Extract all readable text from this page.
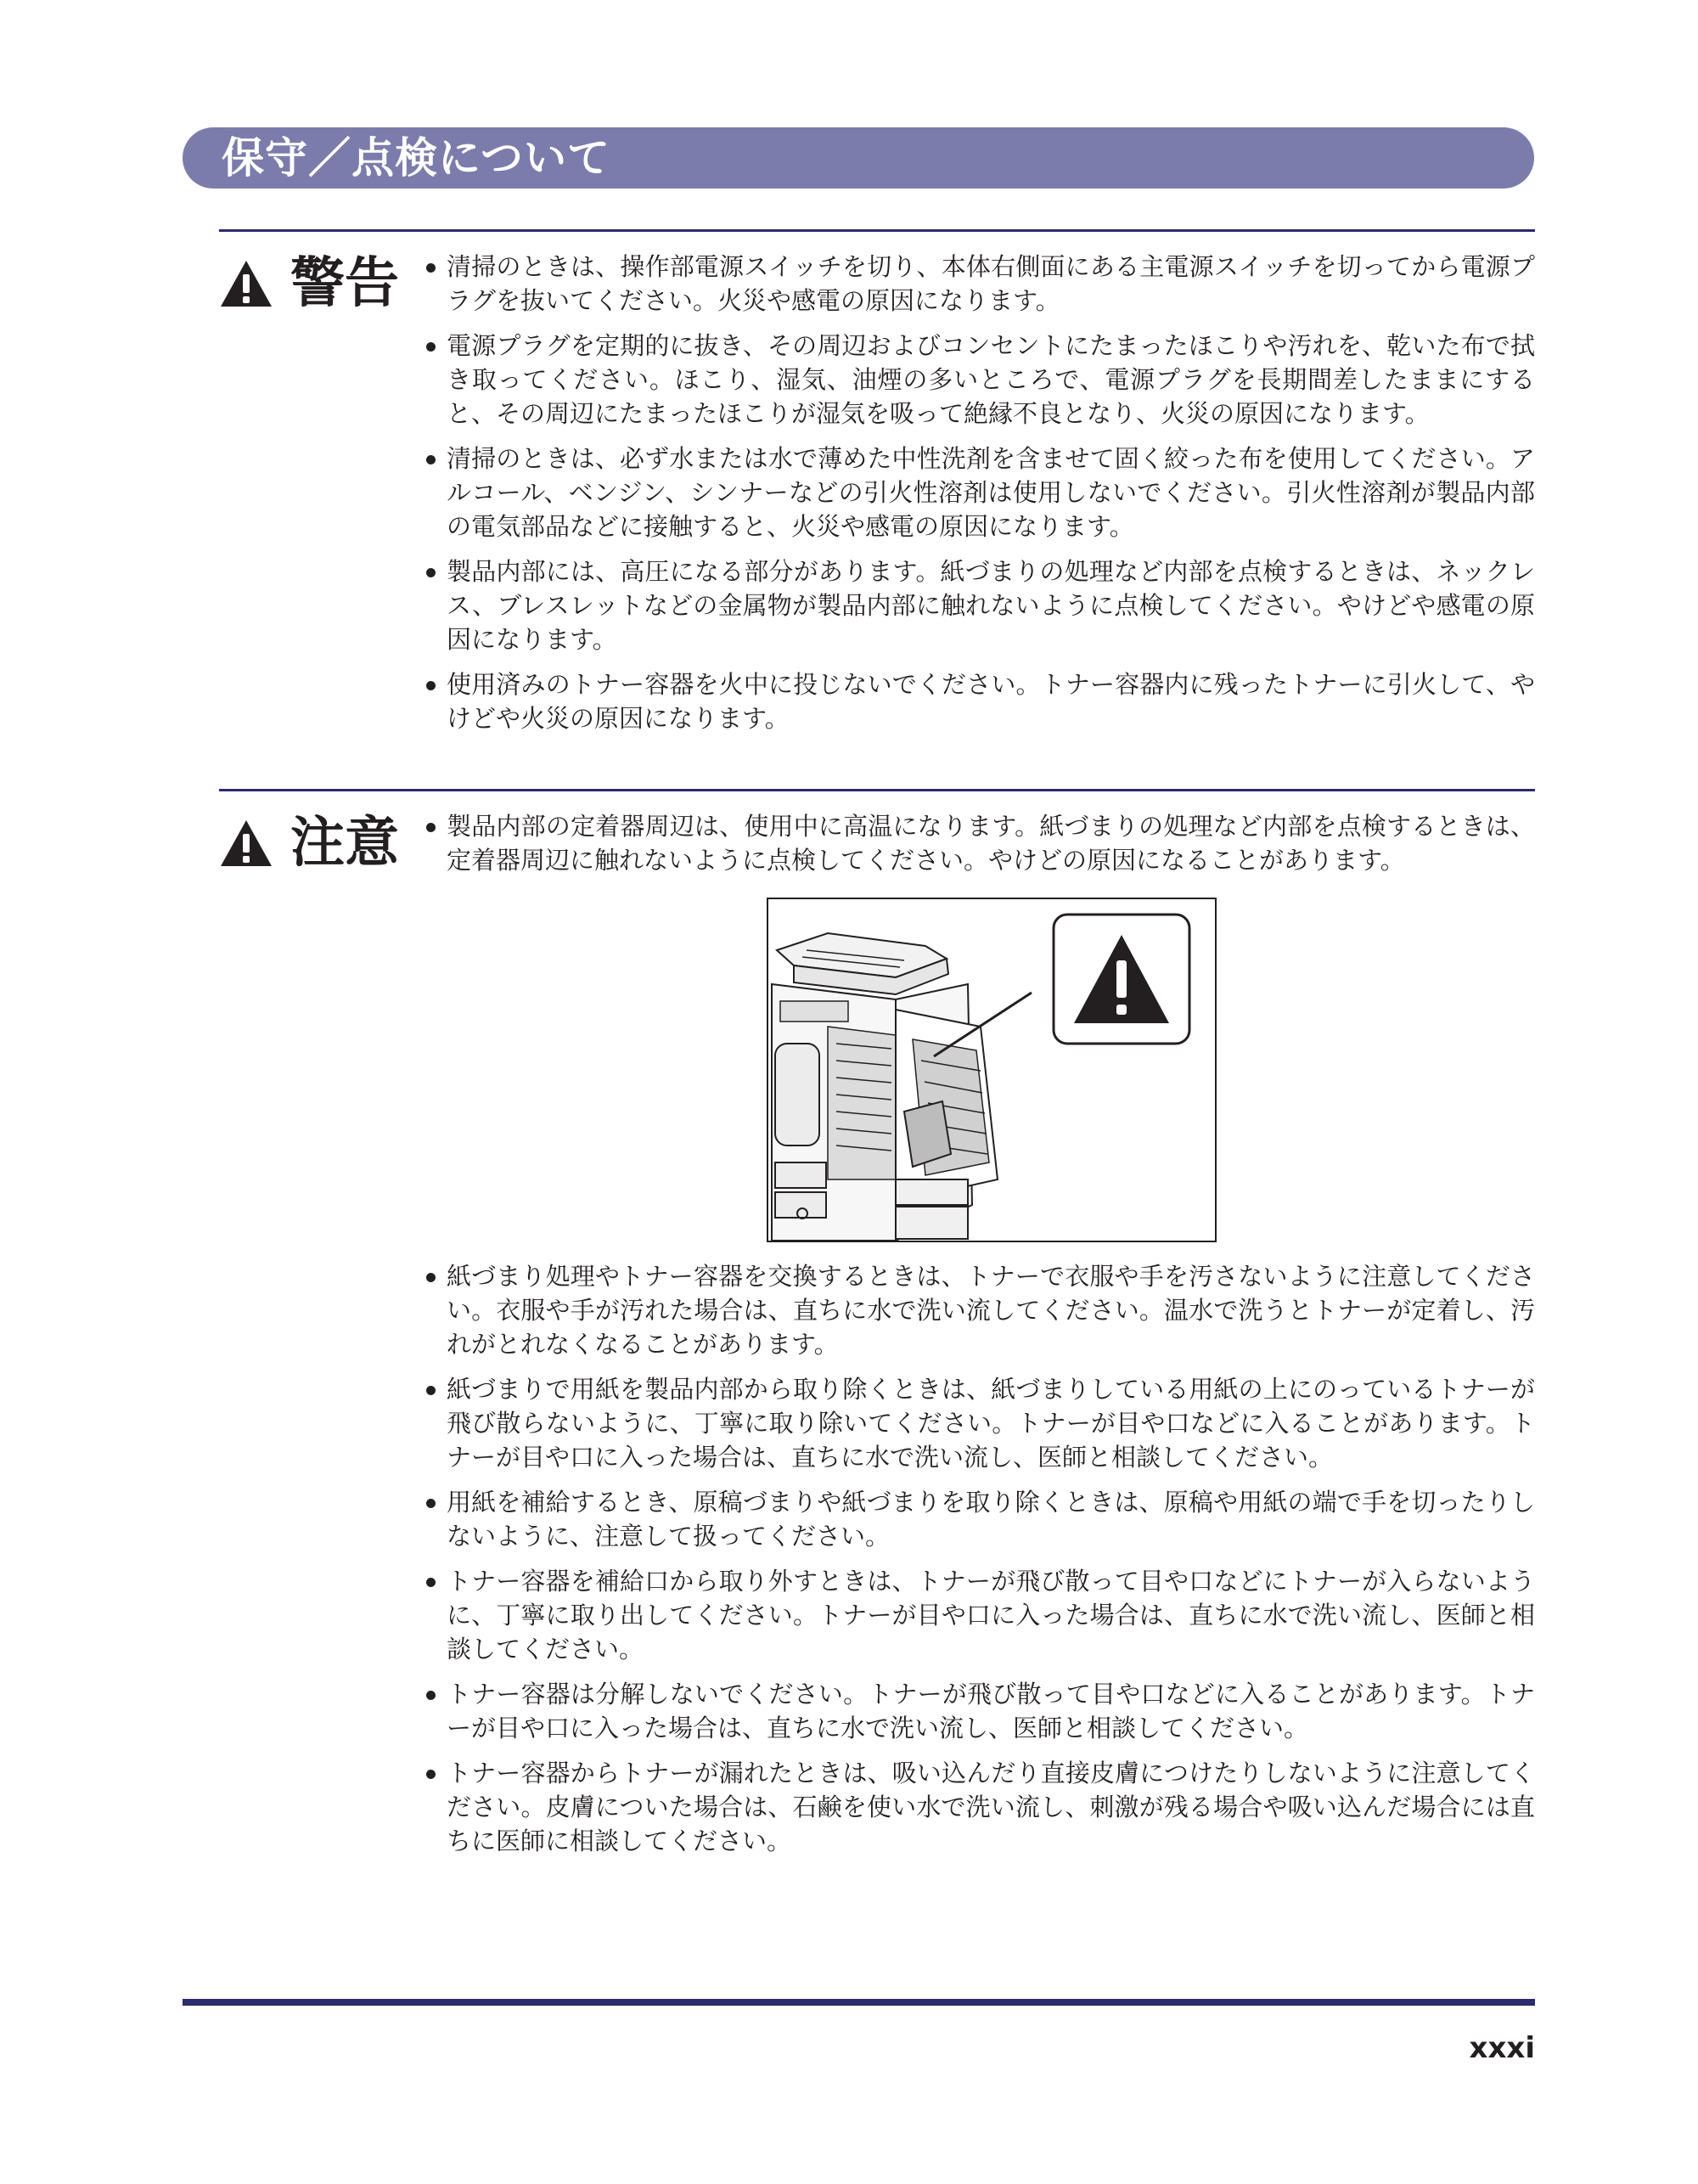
保守／点検について
警告	清掃のときは、操作部電源スイッチを切り、本体右側面にある主電源スイッチを切ってから電源プラグを抜いてください。火災や感電の原因になります。
電源プラグを定期的に抜き、その周辺およびコンセントにたまったほこりや汚れを、乾いた布で拭き取ってください。ほこり、湿気、油煙の多いところで、電源プラグを長期間差したままにすると、その周辺にたまったほこりが湿気を吸って絶縁不良となり、火災の原因になります。
清掃のときは、必ず水または水で薄めた中性洗剤を含ませて固く絞った布を使用してください。アルコール、ベンジン、シンナーなどの引火性溶剤は使用しないでください。引火性溶剤が製品内部の電気部品などに接触すると、火災や感電の原因になります。
製品内部には、高圧になる部分があります。紙づまりの処理など内部を点検するときは、ネックレス、ブレスレットなどの金属物が製品内部に触れないように点検してください。やけどや感電の原因になります。
使用済みのトナー容器を火中に投じないでください。トナー容器内に残ったトナーに引火して、やけどや火災の原因になります。
注意	製品内部の定着器周辺は、使用中に高温になります。紙づまりの処理など内部を点検するときは、定着器周辺に触れないように点検してください。やけどの原因になることがあります。
紙づまり処理やトナー容器を交換するときは、トナーで衣服や手を汚さないように注意してください。衣服や手が汚れた場合は、直ちに水で洗い流してください。温水で洗うとトナーが定着し、汚れがとれなくなることがあります。
紙づまりで用紙を製品内部から取り除くときは、紙づまりしている用紙の上にのっているトナーが飛び散らないように、丁寧に取り除いてください。トナーが目や口などに入ることがあります。トナーが目や口に入った場合は、直ちに水で洗い流し、医師と相談してください。
用紙を補給するとき、原稿づまりや紙づまりを取り除くときは、原稿や用紙の端で手を切ったりしないように、注意して扱ってください。
トナー容器を補給口から取り外すときは、トナーが飛び散って目や口などにトナーが入らないように、丁寧に取り出してください。トナーが目や口に入った場合は、直ちに水で洗い流し、医師と相談してください。
トナー容器は分解しないでください。トナーが飛び散って目や口などに入ることがあります。トナーが目や口に入った場合は、直ちに水で洗い流し、医師と相談してください。
トナー容器からトナーが漏れたときは、吸い込んだり直接皮膚につけたりしないように注意してください。皮膚についた場合は、石鹸を使い水で洗い流し、刺激が残る場合や吸い込んだ場合には直ちに医師に相談してください。
xxxi
